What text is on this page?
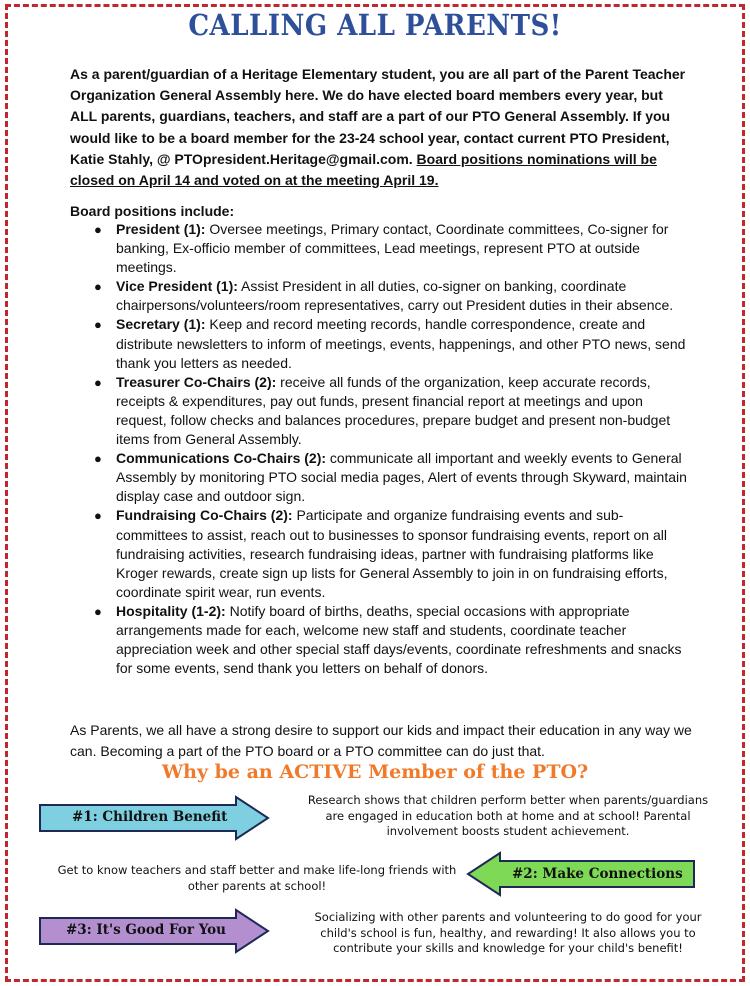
CALLING ALL PARENTS!
As a parent/guardian of a Heritage Elementary student, you are all part of the Parent Teacher Organization General Assembly here. We do have elected board members every year, but ALL parents, guardians, teachers, and staff are a part of our PTO General Assembly. If you would like to be a board member for the 23-24 school year, contact current PTO President, Katie Stahly, @ PTOpresident.Heritage@gmail.com. Board positions nominations will be closed on April 14 and voted on at the meeting April 19.
Board positions include:
● President (1): Oversee meetings, Primary contact, Coordinate committees, Co-signer for banking, Ex-officio member of committees, Lead meetings, represent PTO at outside meetings.
● Vice President (1): Assist President in all duties, co-signer on banking, coordinate chairpersons/volunteers/room representatives, carry out President duties in their absence.
● Secretary (1): Keep and record meeting records, handle correspondence, create and distribute newsletters to inform of meetings, events, happenings, and other PTO news, send thank you letters as needed.
● Treasurer Co-Chairs (2): receive all funds of the organization, keep accurate records, receipts & expenditures, pay out funds, present financial report at meetings and upon request, follow checks and balances procedures, prepare budget and present non-budget items from General Assembly.
● Communications Co-Chairs (2): communicate all important and weekly events to General Assembly by monitoring PTO social media pages, Alert of events through Skyward, maintain display case and outdoor sign.
● Fundraising Co-Chairs (2): Participate and organize fundraising events and sub-committees to assist, reach out to businesses to sponsor fundraising events, report on all fundraising activities, research fundraising ideas, partner with fundraising platforms like Kroger rewards, create sign up lists for General Assembly to join in on fundraising efforts, coordinate spirit wear, run events.
● Hospitality (1-2): Notify board of births, deaths, special occasions with appropriate arrangements made for each, welcome new staff and students, coordinate teacher appreciation week and other special staff days/events, coordinate refreshments and snacks for some events, send thank you letters on behalf of donors.
As Parents, we all have a strong desire to support our kids and impact their education in any way we can. Becoming a part of the PTO board or a PTO committee can do just that.
Why be an ACTIVE Member of the PTO?
#1: Children Benefit
Research shows that children perform better when parents/guardians are engaged in education both at home and at school! Parental involvement boosts student achievement.
Get to know teachers and staff better and make life-long friends with other parents at school!
#2: Make Connections
#3: It's Good For You
Socializing with other parents and volunteering to do good for your child's school is fun, healthy, and rewarding! It also allows you to contribute your skills and knowledge for your child's benefit!
